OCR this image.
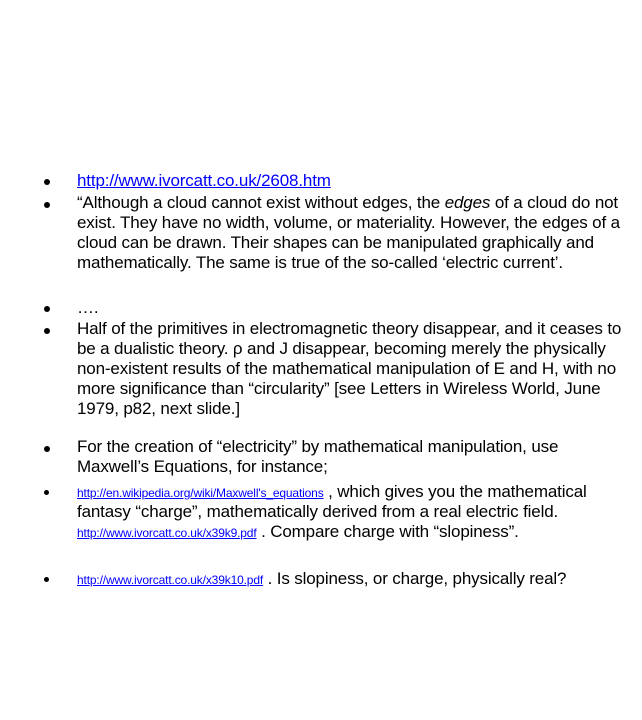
http://www.ivorcatt.co.uk/2608.htm
“Although a cloud cannot exist without edges, the edges of a cloud do not exist. They have no width, volume, or materiality. However, the edges of a cloud can be drawn. Their shapes can be manipulated graphically and mathematically. The same is true of the so-called ‘electric current’.
….
Half of the primitives in electromagnetic theory disappear, and it ceases to be a dualistic theory. ρ and J disappear, becoming merely the physically non-existent results of the mathematical manipulation of E and H, with no more significance than “circularity” [see Letters in Wireless World, June 1979, p82, next slide.]
For the creation of “electricity” by mathematical manipulation, use Maxwell’s Equations, for instance;
http://en.wikipedia.org/wiki/Maxwell's_equations , which gives you the mathematical fantasy “charge”, mathematically derived from a real electric field. http://www.ivorcatt.co.uk/x39k9.pdf . Compare charge with “slopiness”.
http://www.ivorcatt.co.uk/x39k10.pdf . Is slopiness, or charge, physically real?
